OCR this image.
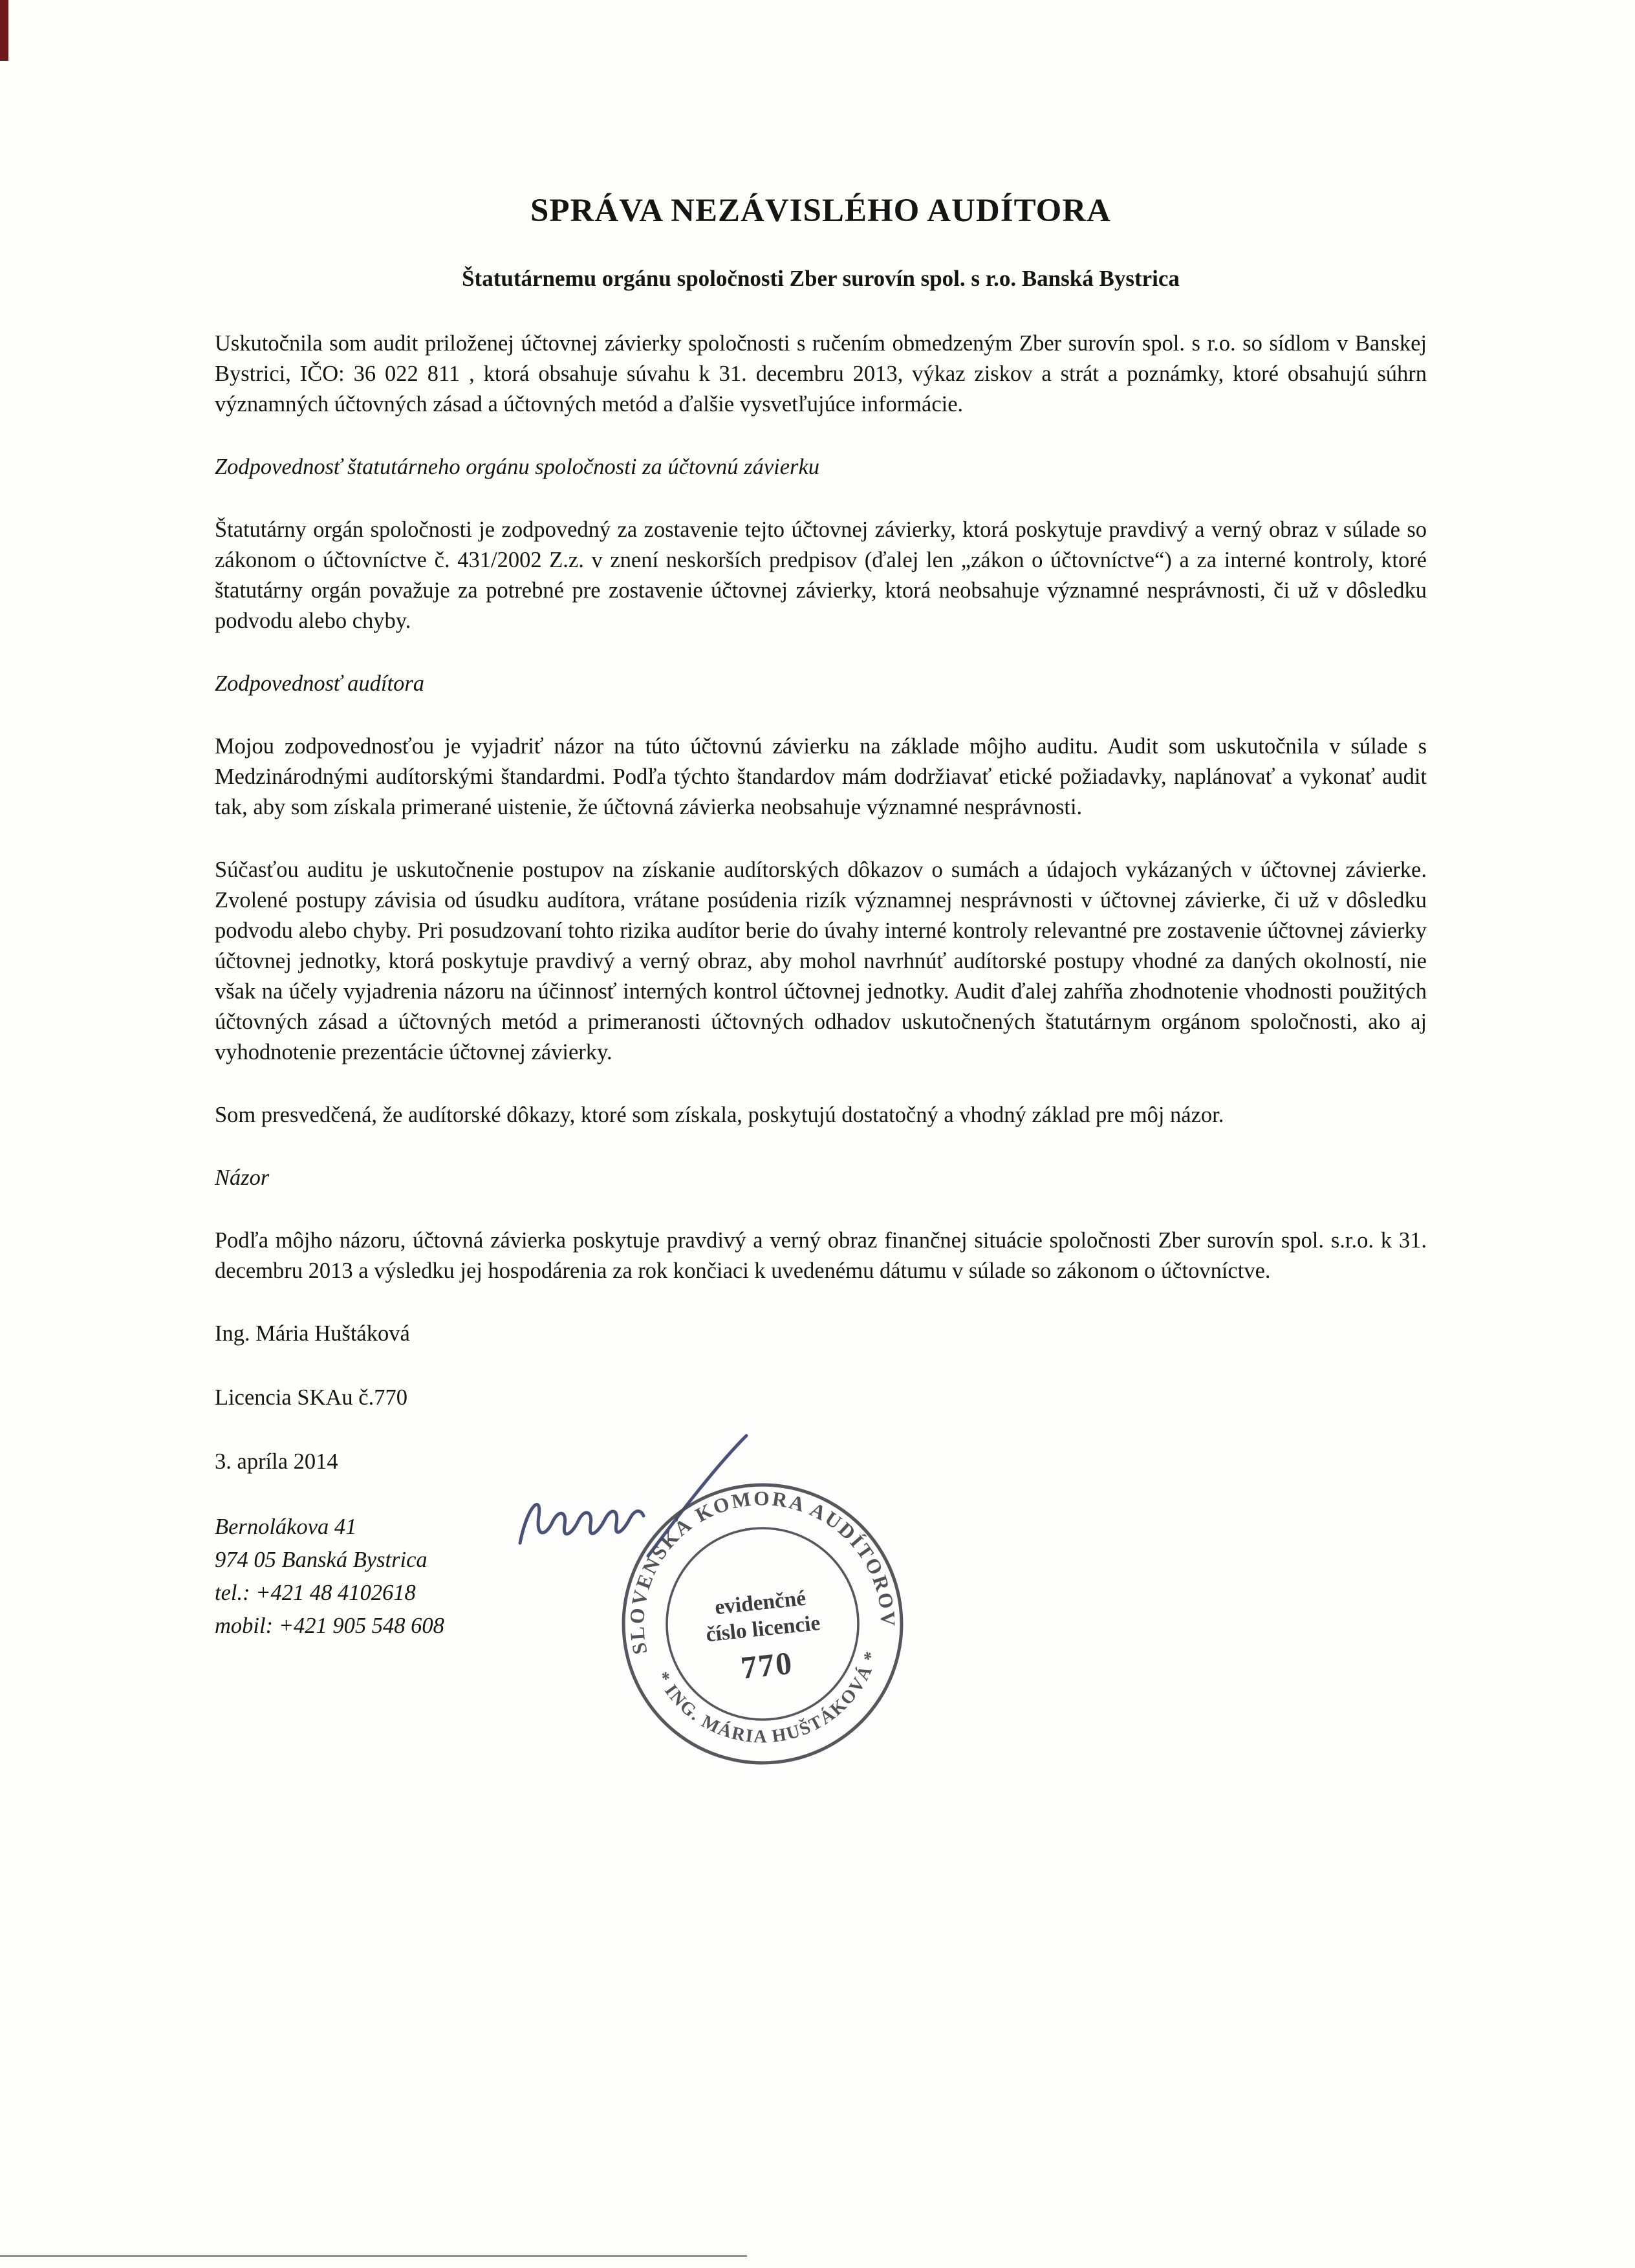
SPRÁVA NEZÁVISLÉHO AUDÍTORA
Štatutárnemu orgánu spoločnosti Zber surovín spol. s r.o. Banská Bystrica

Uskutočnila som audit priloženej účtovnej závierky spoločnosti s ručením obmedzeným Zber surovín spol. s r.o. so sídlom v Banskej Bystrici, IČO: 36 022 811 , ktorá obsahuje súvahu k 31. decembru 2013, výkaz ziskov a strát a poznámky, ktoré obsahujú súhrn významných účtovných zásad a účtovných metód a ďalšie vysvetľujúce informácie.

Zodpovednosť štatutárneho orgánu spoločnosti za účtovnú závierku

Štatutárny orgán spoločnosti je zodpovedný za zostavenie tejto účtovnej závierky, ktorá poskytuje pravdivý a verný obraz v súlade so zákonom o účtovníctve č. 431/2002 Z.z. v znení neskorších predpisov (ďalej len „zákon o účtovníctve“) a za interné kontroly, ktoré štatutárny orgán považuje za potrebné pre zostavenie účtovnej závierky, ktorá neobsahuje významné nesprávnosti, či už v dôsledku podvodu alebo chyby.

Zodpovednosť audítora

Mojou zodpovednosťou je vyjadriť názor na túto účtovnú závierku na základe môjho auditu. Audit som uskutočnila v súlade s Medzinárodnými audítorskými štandardmi. Podľa týchto štandardov mám dodržiavať etické požiadavky, naplánovať a vykonať audit tak, aby som získala primerané uistenie, že účtovná závierka neobsahuje významné nesprávnosti.

Súčasťou auditu je uskutočnenie postupov na získanie audítorských dôkazov o sumách a údajoch vykázaných v účtovnej závierke. Zvolené postupy závisia od úsudku audítora, vrátane posúdenia rizík významnej nesprávnosti v účtovnej závierke, či už v dôsledku podvodu alebo chyby. Pri posudzovaní tohto rizika audítor berie do úvahy interné kontroly relevantné pre zostavenie účtovnej závierky účtovnej jednotky, ktorá poskytuje pravdivý a verný obraz, aby mohol navrhnúť audítorské postupy vhodné za daných okolností, nie však na účely vyjadrenia názoru na účinnosť interných kontrol účtovnej jednotky. Audit ďalej zahŕňa zhodnotenie vhodnosti použitých účtovných zásad a účtovných metód a primeranosti účtovných odhadov uskutočnených štatutárnym orgánom spoločnosti, ako aj vyhodnotenie prezentácie účtovnej závierky.

Som presvedčená, že audítorské dôkazy, ktoré som získala, poskytujú dostatočný a vhodný základ pre môj názor.

Názor

Podľa môjho názoru, účtovná závierka poskytuje pravdivý a verný obraz finančnej situácie spoločnosti Zber surovín spol. s.r.o. k 31. decembru 2013 a výsledku jej hospodárenia za rok končiaci k uvedenému dátumu v súlade so zákonom o účtovníctve.

Ing. Mária Huštáková

Licencia SKAu č.770

3. apríla 2014

Bernolákova 41

974 05 Banská Bystrica

tel.: +421 48 4102618

mobil: +421 905 548 608

SLOVENSKÁ KOMORA AUDÍTOROV
* ING. MÁRIA HUŠTÁKOVÁ *
evidenčné
číslo licencie
770
